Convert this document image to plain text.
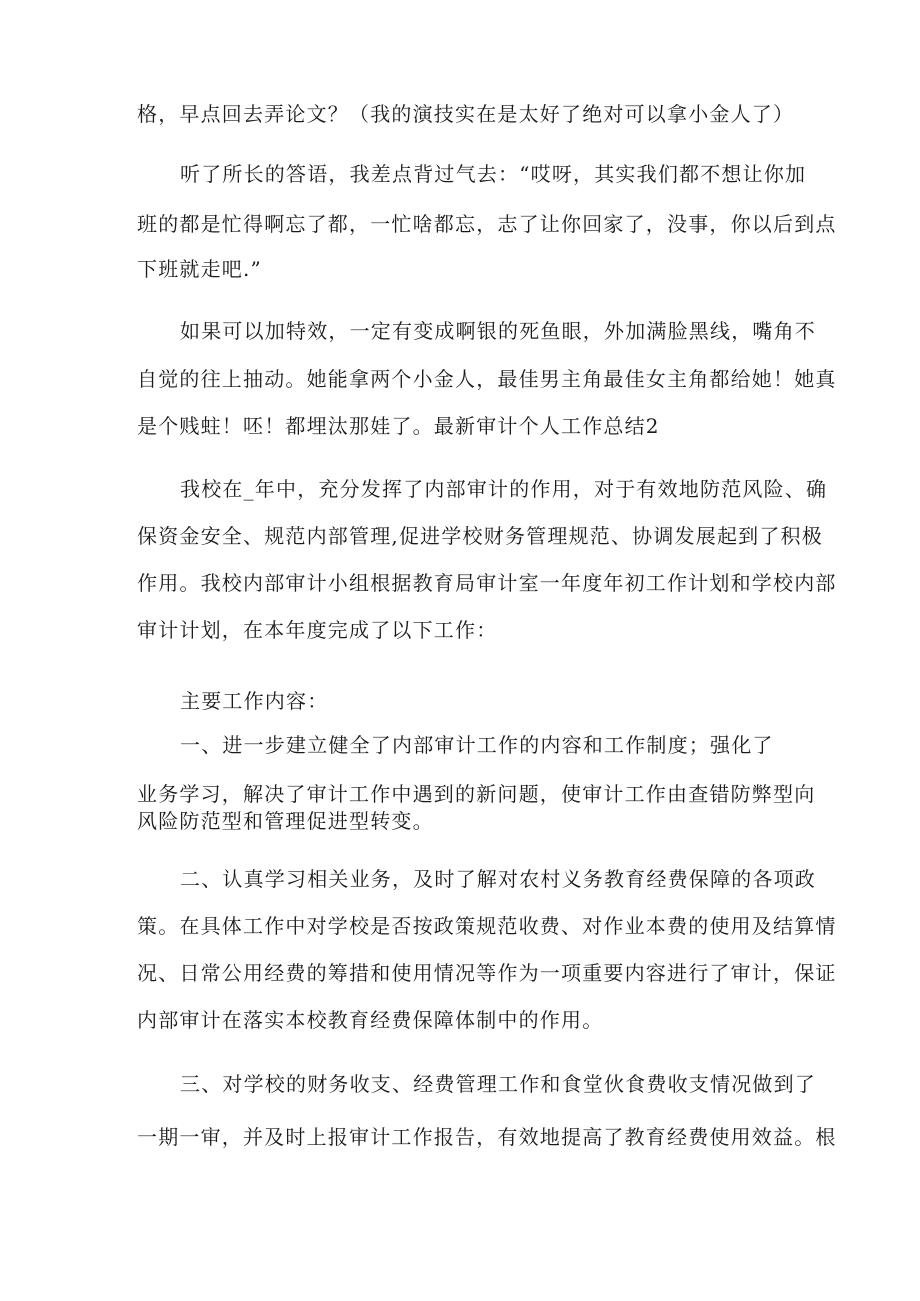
格，早点回去弄论文？（我的演技实在是太好了绝对可以拿小金人了）
听了所长的答语，我差点背过气去：“哎呀，其实我们都不想让你加
班的都是忙得啊忘了都，一忙啥都忘，志了让你回家了，没事，你以后到点
下班就走吧.”
如果可以加特效，一定有变成啊银的死鱼眼，外加满脸黑线，嘴角不
自觉的往上抽动。她能拿两个小金人，最佳男主角最佳女主角都给她！她真
是个贱蛀！呸！都埋汰那娃了。最新审计个人工作总结2
我校在_年中，充分发挥了内部审计的作用，对于有效地防范风险、确
保资金安全、规范内部管理,促进学校财务管理规范、协调发展起到了积极
作用。我校内部审计小组根据教育局审计室一年度年初工作计划和学校内部
审计计划，在本年度完成了以下工作：
主要工作内容：
一、进一步建立健全了内部审计工作的内容和工作制度；强化了
业务学习，解决了审计工作中遇到的新问题，使审计工作由查错防弊型向
风险防范型和管理促进型转变。
二、认真学习相关业务，及时了解对农村义务教育经费保障的各项政
策。在具体工作中对学校是否按政策规范收费、对作业本费的使用及结算情
况、日常公用经费的筹措和使用情况等作为一项重要内容进行了审计，保证
内部审计在落实本校教育经费保障体制中的作用。
三、对学校的财务收支、经费管理工作和食堂伙食费收支情况做到了
一期一审，并及时上报审计工作报告，有效地提高了教育经费使用效益。根
